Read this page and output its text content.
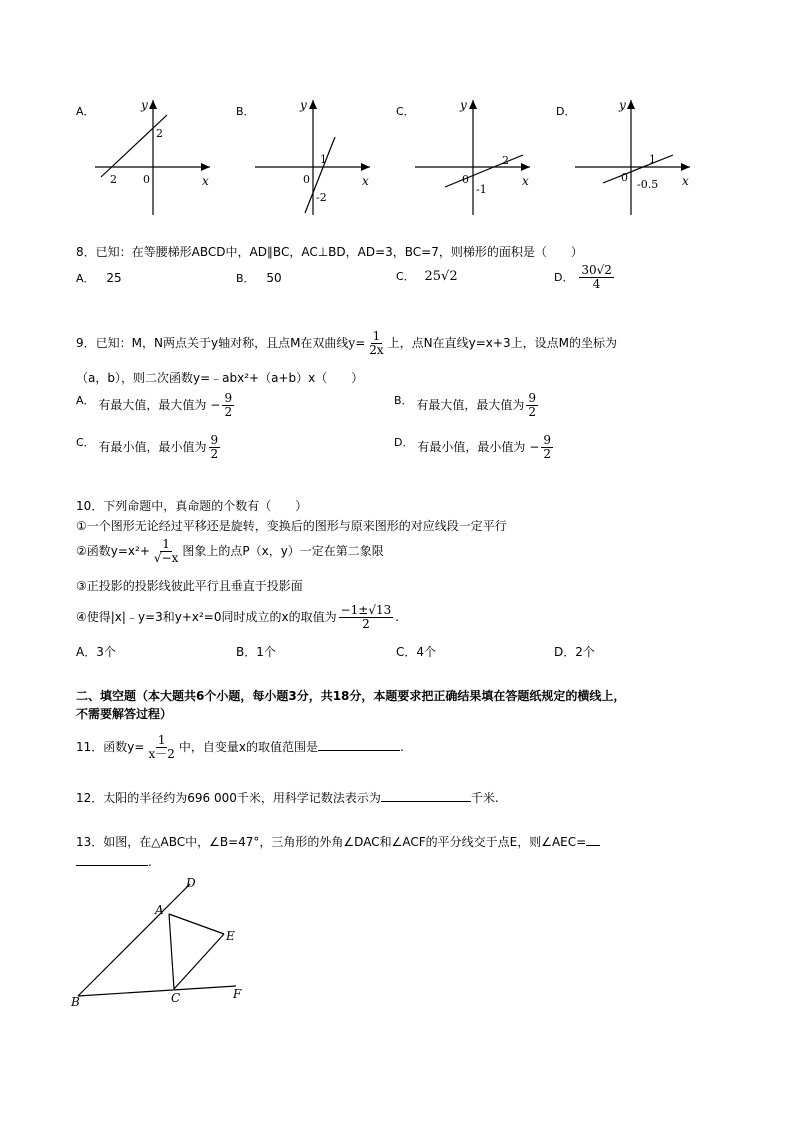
A．	y
x
0
2
2
B．	y
x
0
1
-2
C．	y
x
0
2
-1
D．	y
x
0
1
-0.5
8．已知：在等腰梯形ABCD中，AD∥BC，AC⊥BD，AD=3，BC=7，则梯形的面积是（　　）
A． 25	B． 50	C． 25√2	D． $\frac{30√2}{4}$
9．已知：M，N两点关于y轴对称，且点M在双曲线$y= \frac{1}{2x}$ 上，点N在直线y=x+3上，设点M的坐标为
（a，b），则二次函数y=﹣abx²+（a+b）x（　　）
A． 有最大值，最大值为 − $\frac{9}{2}$	B． 有最大值，最大值为 $\frac{9}{2}$
C． 有最小值，最小值为 $\frac{9}{2}$	D． 有最小值，最小值为 − $\frac{9}{2}$
10．下列命题中，真命题的个数有（　　）
①一个图形无论经过平移还是旋转，变换后的图形与原来图形的对应线段一定平行
②函数$y=x^2+ \frac{1}{√-x}$ 图象上的点P（x，y）一定在第二象限
③正投影的投影线彼此平行且垂直于投影面
④使得|x|﹣y=3和y+x²=0同时成立的x的取值为 $\frac{-1\pm√13}{2}$ .
A．3个	B．1个	C．4个	D．2个
二、填空题（本大题共6个小题，每小题3分，共18分，本题要求把正确结果填在答题纸规定的横线上，
不需要解答过程）
11．函数$y= \frac{1}{x-2}$ 中，自变量x的取值范围是	.
12．太阳的半径约为696 000千米，用科学记数法表示为	千米.
13．如图，在△ABC中，∠B=47°，三角形的外角∠DAC和∠ACF的平分线交于点E，则∠AEC=
.
D
A
E
B	C	F
